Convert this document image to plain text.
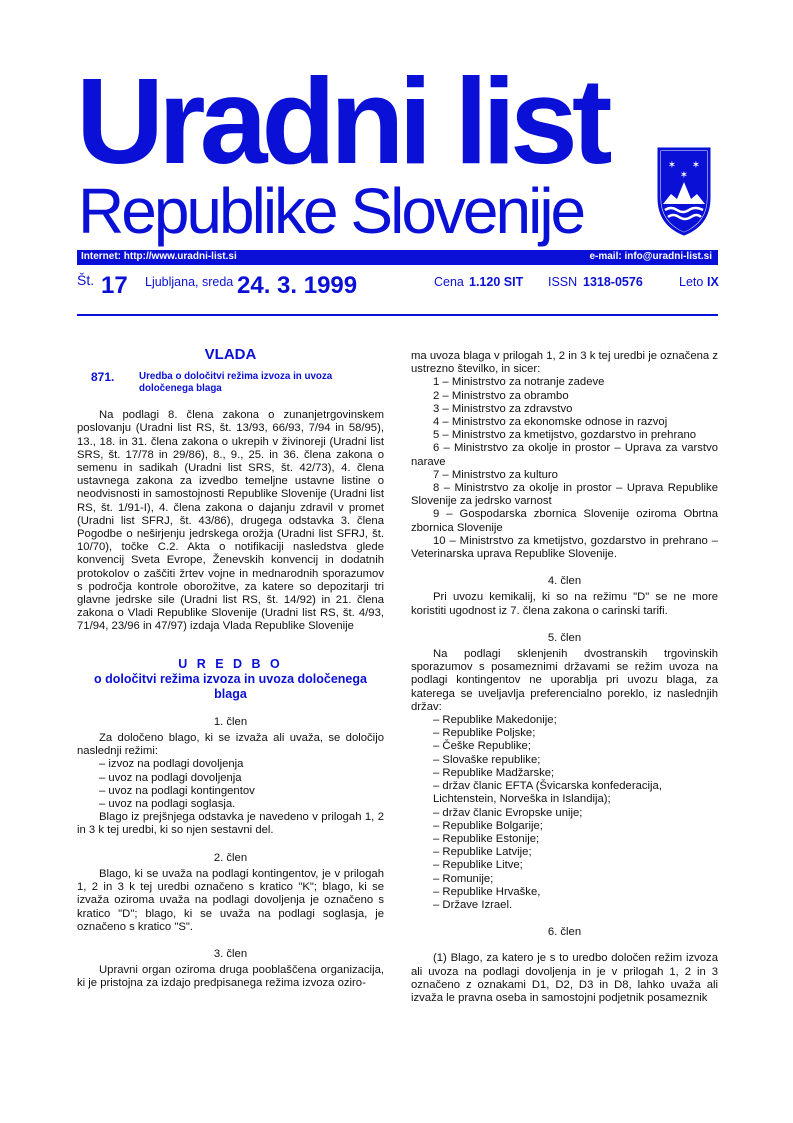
Uradni list
Republike Slovenije
✶ ✶
✶
Internet: http://www.uradni-list.si	e-mail: info@uradni-list.si
Št. 17 Ljubljana, sreda 24. 3. 1999	Cena 1.120 SIT ISSN 1318-0576	Leto IX
VLADA
871.	Uredba o določitvi režima izvoza in uvoza določenega blaga

Na podlagi 8. člena zakona o zunanjetrgovinskem poslovanju (Uradni list RS, št. 13/93, 66/93, 7/94 in 58/95), 13., 18. in 31. člena zakona o ukrepih v živinoreji (Uradni list SRS, št. 17/78 in 29/86), 8., 9., 25. in 36. člena zakona o semenu in sadikah (Uradni list SRS, št. 42/73), 4. člena ustavnega zakona za izvedbo temeljne ustavne listine o neodvisnosti in samostojnosti Republike Slovenije (Uradni list RS, št. 1/91-I), 4. člena zakona o dajanju zdravil v promet (Uradni list SFRJ, št. 43/86), drugega odstavka 3. člena Pogodbe o neširjenju jedrskega orožja (Uradni list SFRJ, št. 10/70), točke C.2. Akta o notifikaciji nasledstva glede konvencij Sveta Evrope, Ženevskih konvencij in dodatnih protokolov o zaščiti žrtev vojne in mednarodnih sporazumov s področja kontrole oborožitve, za katere so depozitarji tri glavne jedrske sile (Uradni list RS, št. 14/92) in 21. člena zakona o Vladi Republike Slovenije (Uradni list RS, št. 4/93, 71/94, 23/96 in 47/97) izdaja Vlada Republike Slovenije

U R E D B O
o določitvi režima izvoza in uvoza določenega blaga
1. člen

Za določeno blago, ki se izvaža ali uvaža, se določijo naslednji režimi:

– izvoz na podlagi dovoljenja
– uvoz na podlagi dovoljenja
– uvoz na podlagi kontingentov
– uvoz na podlagi soglasja.

Blago iz prejšnjega odstavka je navedeno v prilogah 1, 2 in 3 k tej uredbi, ki so njen sestavni del.

2. člen

Blago, ki se uvaža na podlagi kontingentov, je v prilogah 1, 2 in 3 k tej uredbi označeno s kratico "K"; blago, ki se izvaža oziroma uvaža na podlagi dovoljenja je označeno s kratico "D"; blago, ki se uvaža na podlagi soglasja, je označeno s kratico "S".

3. člen

Upravni organ oziroma druga pooblaščena organizacija, ki je pristojna za izdajo predpisanega režima izvoza oziro-

ma uvoza blaga v prilogah 1, 2 in 3 k tej uredbi je označena z ustrezno številko, in sicer:

1 – Ministrstvo za notranje zadeve
2 – Ministrstvo za obrambo
3 – Ministrstvo za zdravstvo
4 – Ministrstvo za ekonomske odnose in razvoj
5 – Ministrstvo za kmetijstvo, gozdarstvo in prehrano
6 – Ministrstvo za okolje in prostor – Uprava za varstvo narave
7 – Ministrstvo za kulturo
8 – Ministrstvo za okolje in prostor – Uprava Republike Slovenije za jedrsko varnost
9 – Gospodarska zbornica Slovenije oziroma Obrtna zbornica Slovenije
10 – Ministrstvo za kmetijstvo, gozdarstvo in prehrano – Veterinarska uprava Republike Slovenije.
4. člen

Pri uvozu kemikalij, ki so na režimu "D" se ne more koristiti ugodnost iz 7. člena zakona o carinski tarifi.

5. člen

Na podlagi sklenjenih dvostranskih trgovinskih sporazumov s posameznimi državami se režim uvoza na podlagi kontingentov ne uporablja pri uvozu blaga, za katerega se uveljavlja preferencialno poreklo, iz naslednjih držav:

– Republike Makedonije;
– Republike Poljske;
– Češke Republike;
– Slovaške republike;
– Republike Madžarske;
– držav članic EFTA (Švicarska konfederacija, Lichtenstein, Norveška in Islandija);
– držav članic Evropske unije;
– Republike Bolgarije;
– Republike Estonije;
– Republike Latvije;
– Republike Litve;
– Romunije;
– Republike Hrvaške,
– Države Izrael.
6. člen

(1) Blago, za katero je s to uredbo določen režim izvoza ali uvoza na podlagi dovoljenja in je v prilogah 1, 2 in 3 označeno z oznakami D1, D2, D3 in D8, lahko uvaža ali izvaža le pravna oseba in samostojni podjetnik posameznik
